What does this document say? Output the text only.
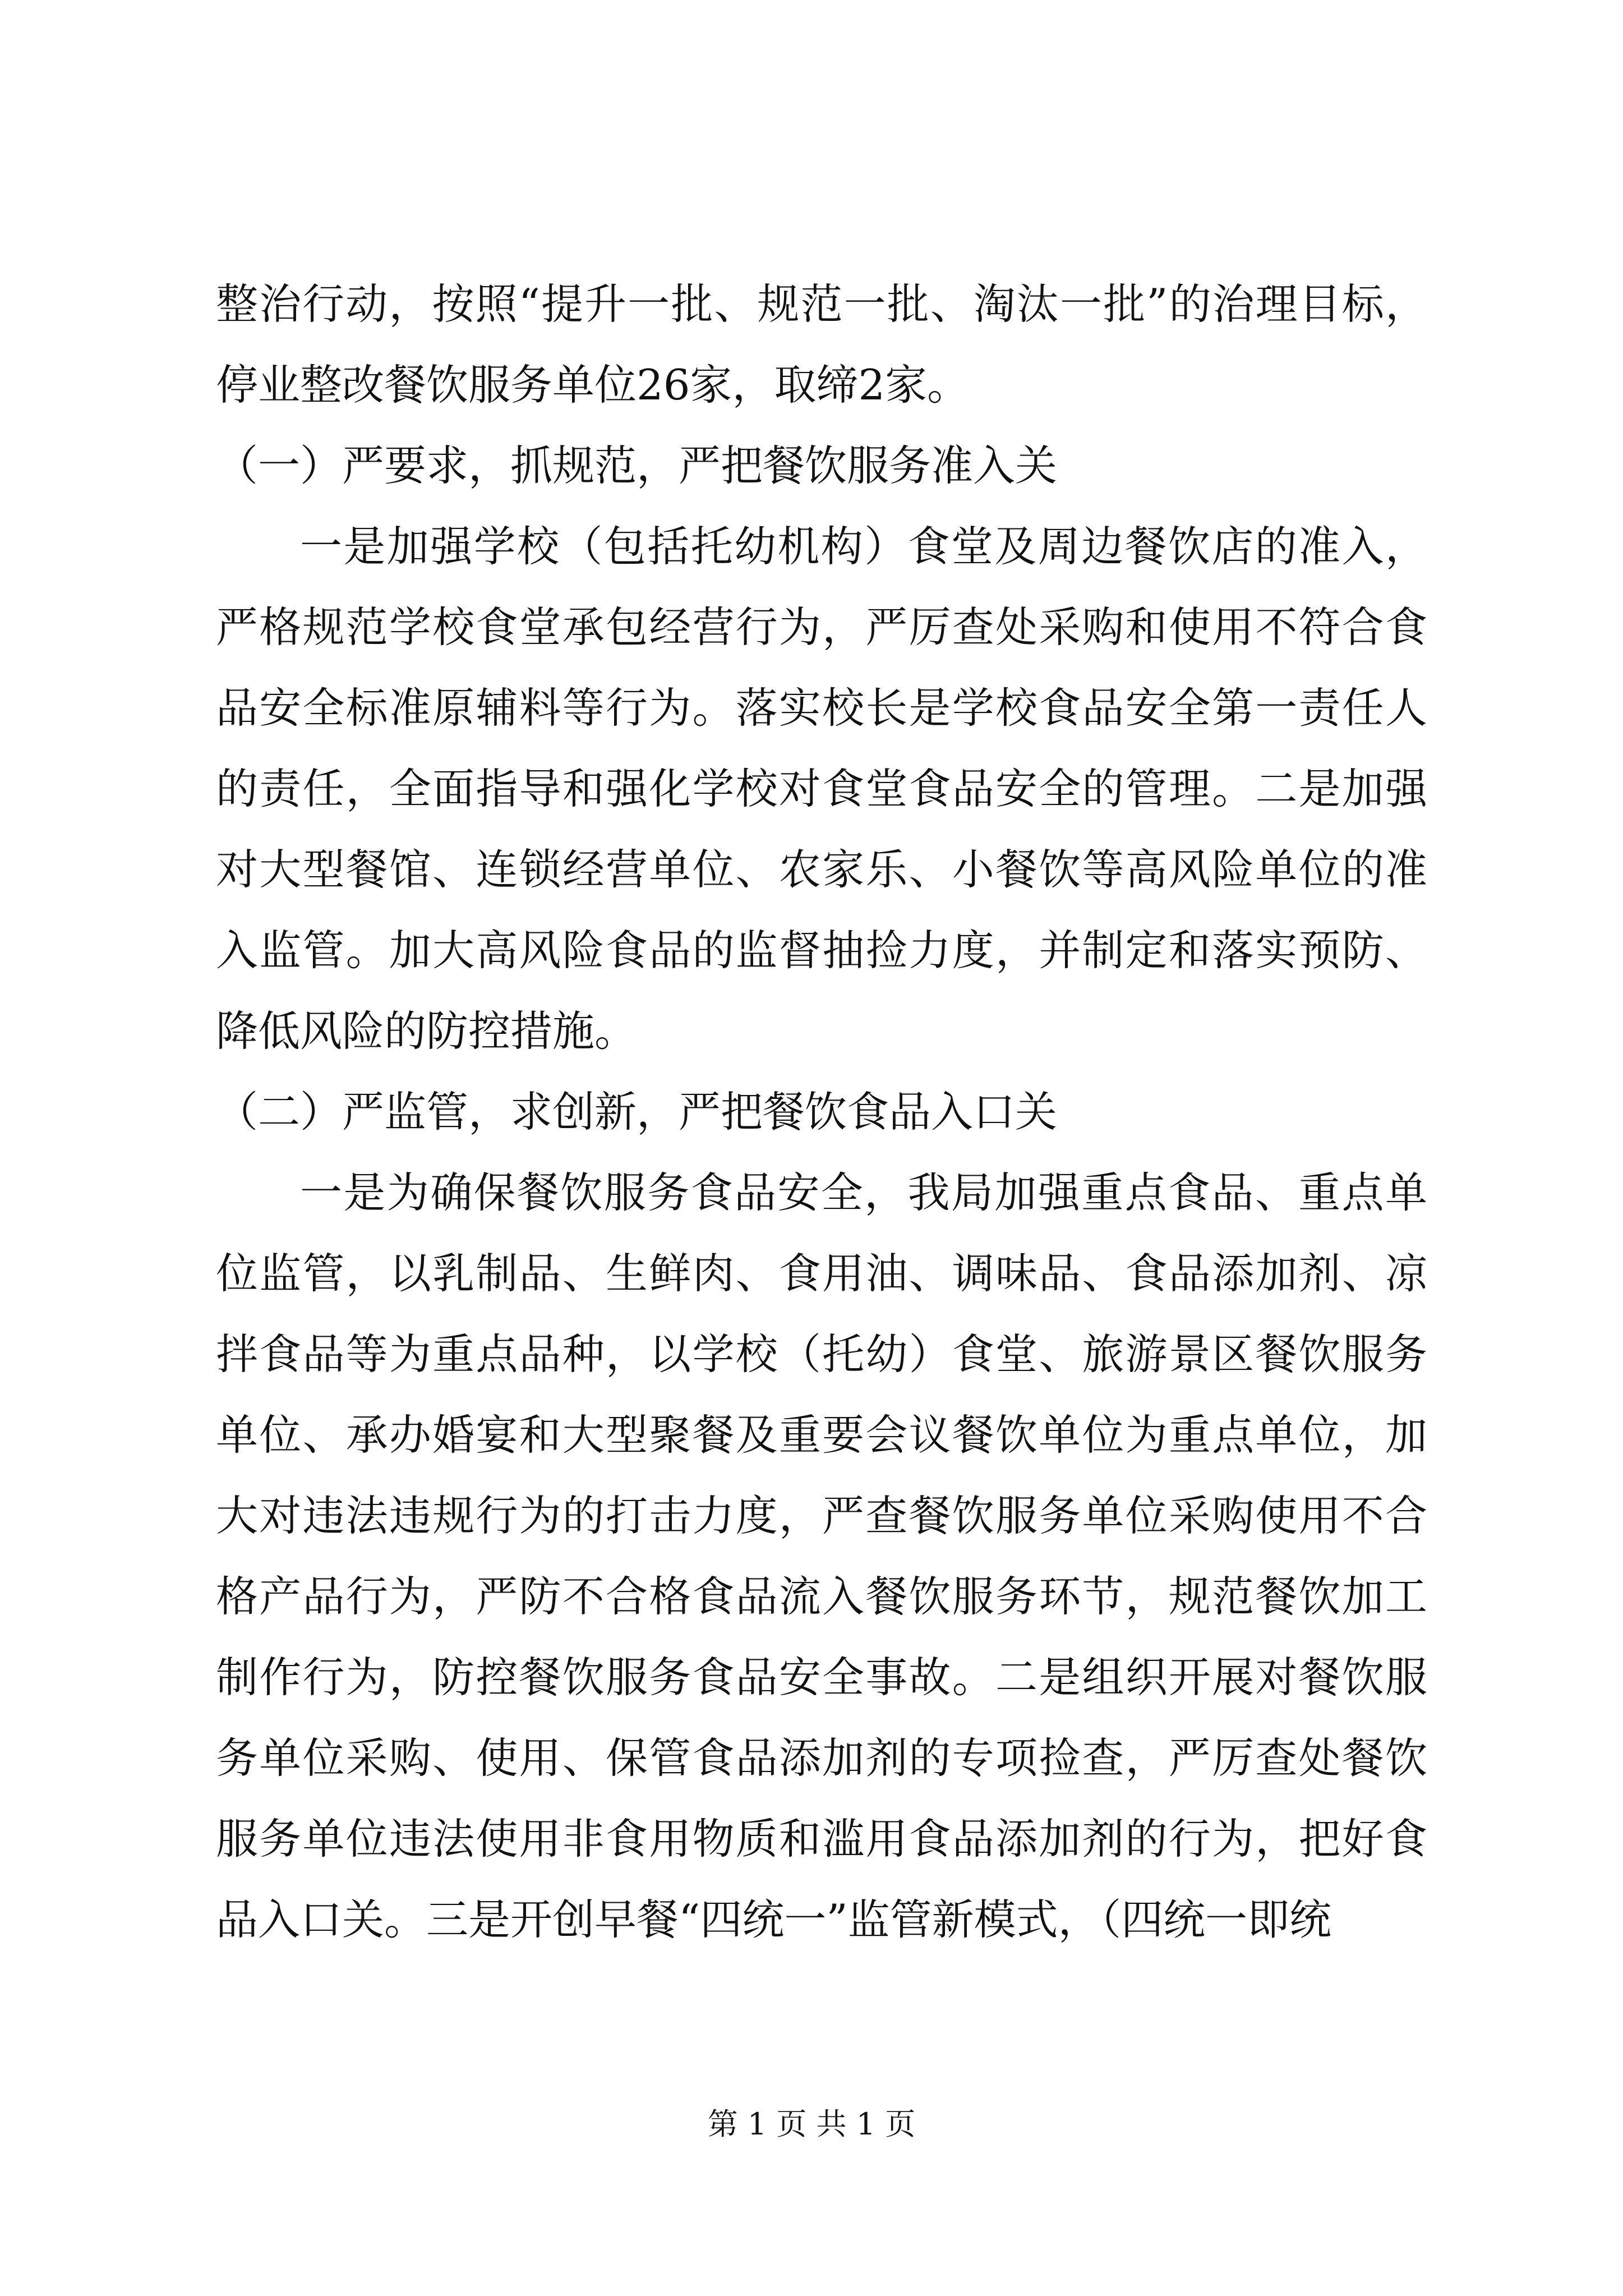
整治行动，按照“提升一批、规范一批、淘汰一批”的治理目标，停业整改餐饮服务单位26家，取缔2家。

（一）严要求，抓规范，严把餐饮服务准入关

一是加强学校（包括托幼机构）食堂及周边餐饮店的准入，严格规范学校食堂承包经营行为，严厉查处采购和使用不符合食品安全标准原辅料等行为。落实校长是学校食品安全第一责任人的责任，全面指导和强化学校对食堂食品安全的管理。二是加强对大型餐馆、连锁经营单位、农家乐、小餐饮等高风险单位的准入监管。加大高风险食品的监督抽捡力度，并制定和落实预防、降低风险的防控措施。

（二）严监管，求创新，严把餐饮食品入口关

一是为确保餐饮服务食品安全，我局加强重点食品、重点单位监管，以乳制品、生鲜肉、食用油、调味品、食品添加剂、凉拌食品等为重点品种，以学校（托幼）食堂、旅游景区餐饮服务单位、承办婚宴和大型聚餐及重要会议餐饮单位为重点单位，加大对违法违规行为的打击力度，严查餐饮服务单位采购使用不合格产品行为，严防不合格食品流入餐饮服务环节，规范餐饮加工制作行为，防控餐饮服务食品安全事故。二是组织开展对餐饮服务单位采购、使用、保管食品添加剂的专项捡查，严厉查处餐饮服务单位违法使用非食用物质和滥用食品添加剂的行为，把好食品入口关。三是开创早餐“四统一”监管新模式，（四统一即统

第 1 页 共 1 页
